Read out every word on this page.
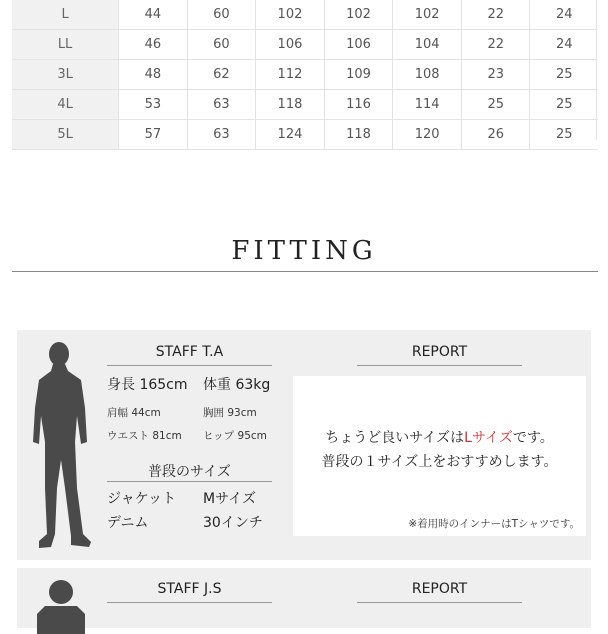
L	44	60	102	102	102	22	24
LL	46	60	106	106	104	22	24
3L	48	62	112	109	108	23	25
4L	53	63	118	116	114	25	25
5L	57	63	124	118	120	26	25
FITTING
STAFF T.A
身長 165cm 体重 63kg
肩幅 44cm	胸囲 93cm
ウエスト 81cm ヒップ 95cm
普段のサイズ
ジャケット Mサイズ
デニム	30インチ
REPORT
ちょうど良いサイズはLサイズです。
普段の１サイズ上をおすすめします。
※着用時のインナーはTシャツです。
STAFF J.S	REPORT
